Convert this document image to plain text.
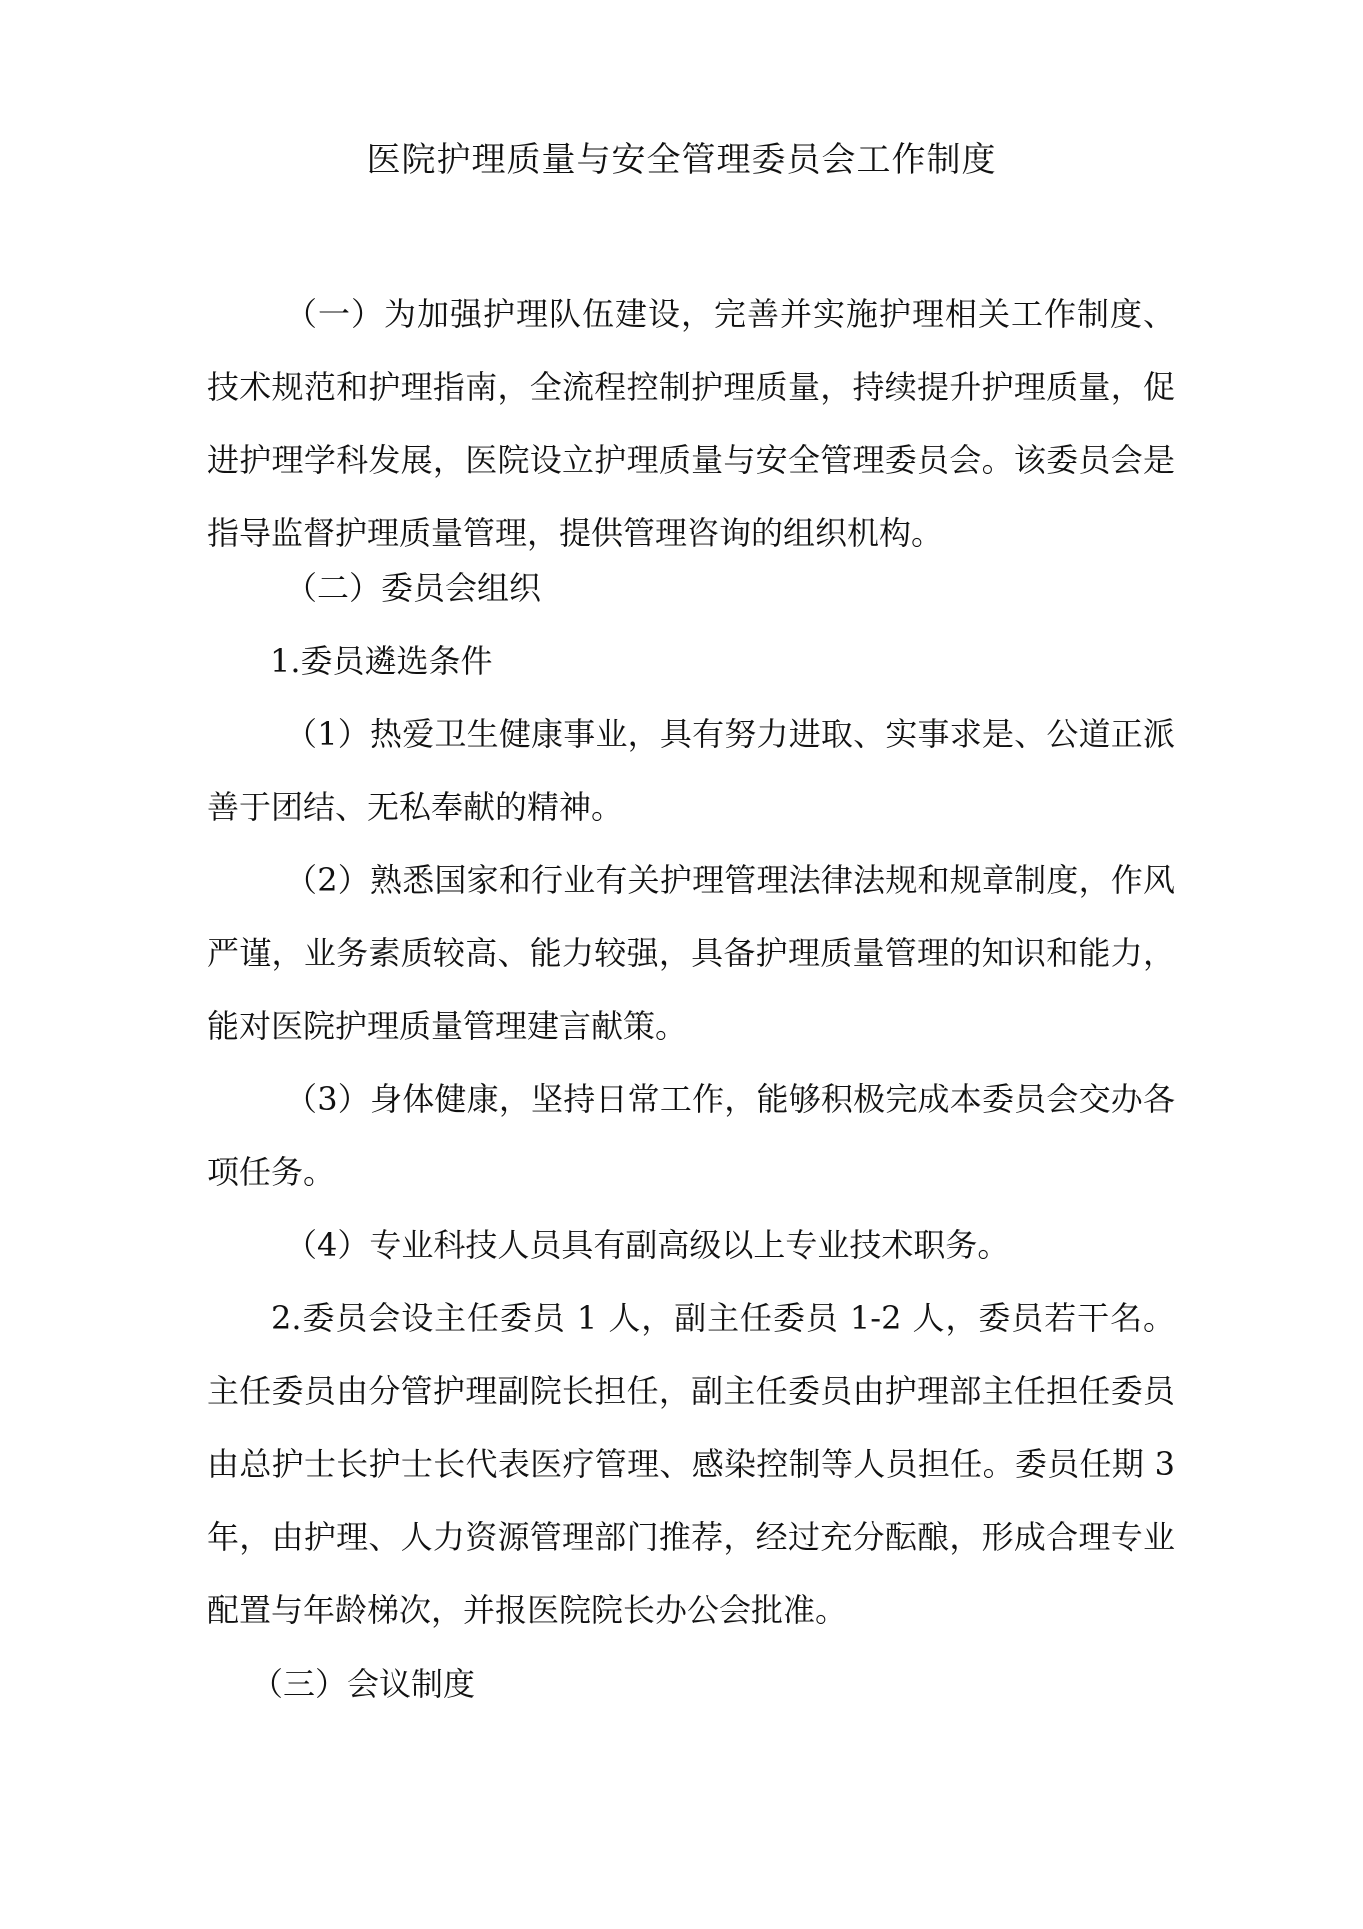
医院护理质量与安全管理委员会工作制度
（一）为加强护理队伍建设，完善并实施护理相关工作制度、技术规范和护理指南，全流程控制护理质量，持续提升护理质量，促进护理学科发展，医院设立护理质量与安全管理委员会。该委员会是指导监督护理质量管理，提供管理咨询的组织机构。
（二）委员会组织
1.委员遴选条件
（1）热爱卫生健康事业，具有努力进取、实事求是、公道正派善于团结、无私奉献的精神。
（2）熟悉国家和行业有关护理管理法律法规和规章制度，作风严谨，业务素质较高、能力较强，具备护理质量管理的知识和能力，能对医院护理质量管理建言献策。
（3）身体健康，坚持日常工作，能够积极完成本委员会交办各项任务。
（4）专业科技人员具有副高级以上专业技术职务。
2.委员会设主任委员 1 人，副主任委员 1-2 人，委员若干名。主任委员由分管护理副院长担任，副主任委员由护理部主任担任委员由总护士长护士长代表医疗管理、感染控制等人员担任。委员任期 3 年，由护理、人力资源管理部门推荐，经过充分酝酿，形成合理专业配置与年龄梯次，并报医院院长办公会批准。
（三）会议制度
